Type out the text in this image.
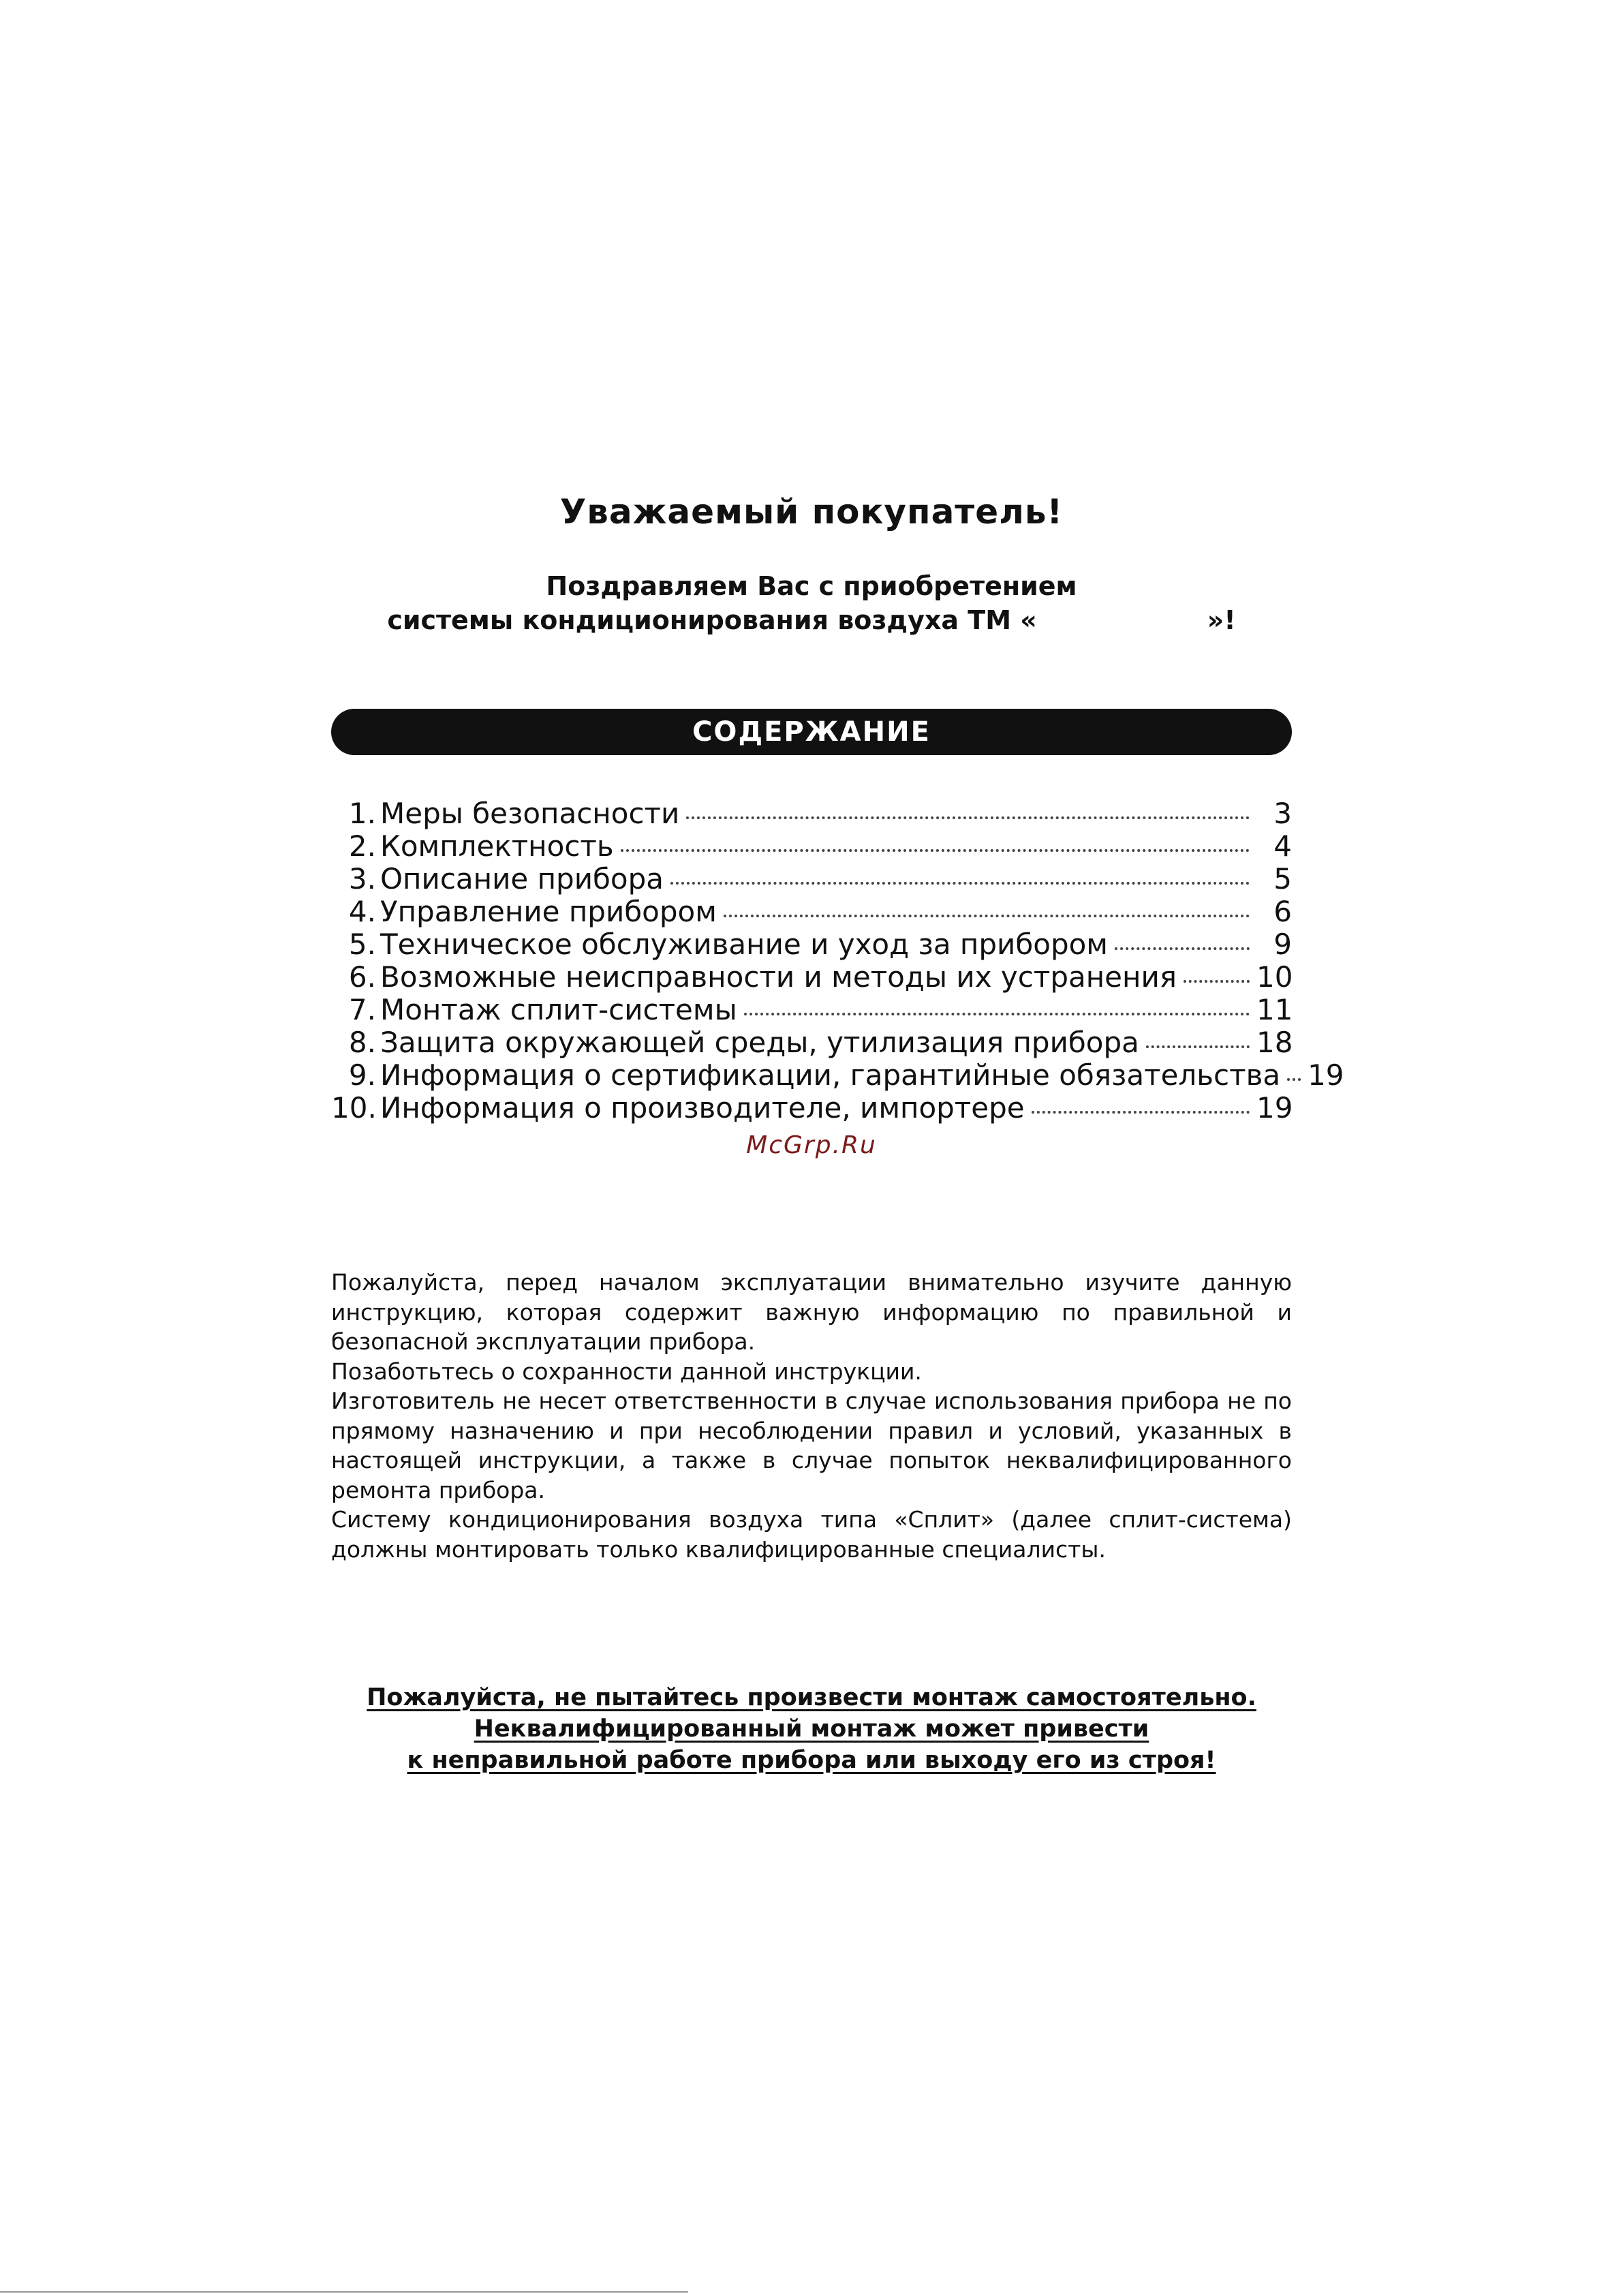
Уважаемый покупатель!
Поздравляем Вас с приобретением
системы кондиционирования воздуха ТМ «	»!
СОДЕРЖАНИЕ
1. Меры безопасности	3
2. Комплектность	4
3. Описание прибора	5
4. Управление прибором	6
5. Техническое обслуживание и уход за прибором	9
6. Возможные неисправности и методы их устранения	10
7. Монтаж сплит-системы	11
8. Защита окружающей среды, утилизация прибора	18
9. Информация о сертификации, гарантийные обязательства 19
10. Информация о производителе, импортере	19
McGrp.Ru

Пожалуйста, перед началом эксплуатации внимательно изучите данную инструкцию, которая содержит важную информацию по правильной и безопасной эксплуатации прибора.

Позаботьтесь о сохранности данной инструкции.

Изготовитель не несет ответственности в случае использования прибора не по прямому назначению и при несоблюдении правил и условий, указанных в настоящей инструкции, а также в случае попыток неквалифицированного ремонта прибора.

Систему кондиционирования воздуха типа «Сплит» (далее сплит-система) должны монтировать только квалифицированные специалисты.

Пожалуйста, не пытайтесь произвести монтаж самостоятельно.
Неквалифицированный монтаж может привести
к неправильной работе прибора или выходу его из строя!
